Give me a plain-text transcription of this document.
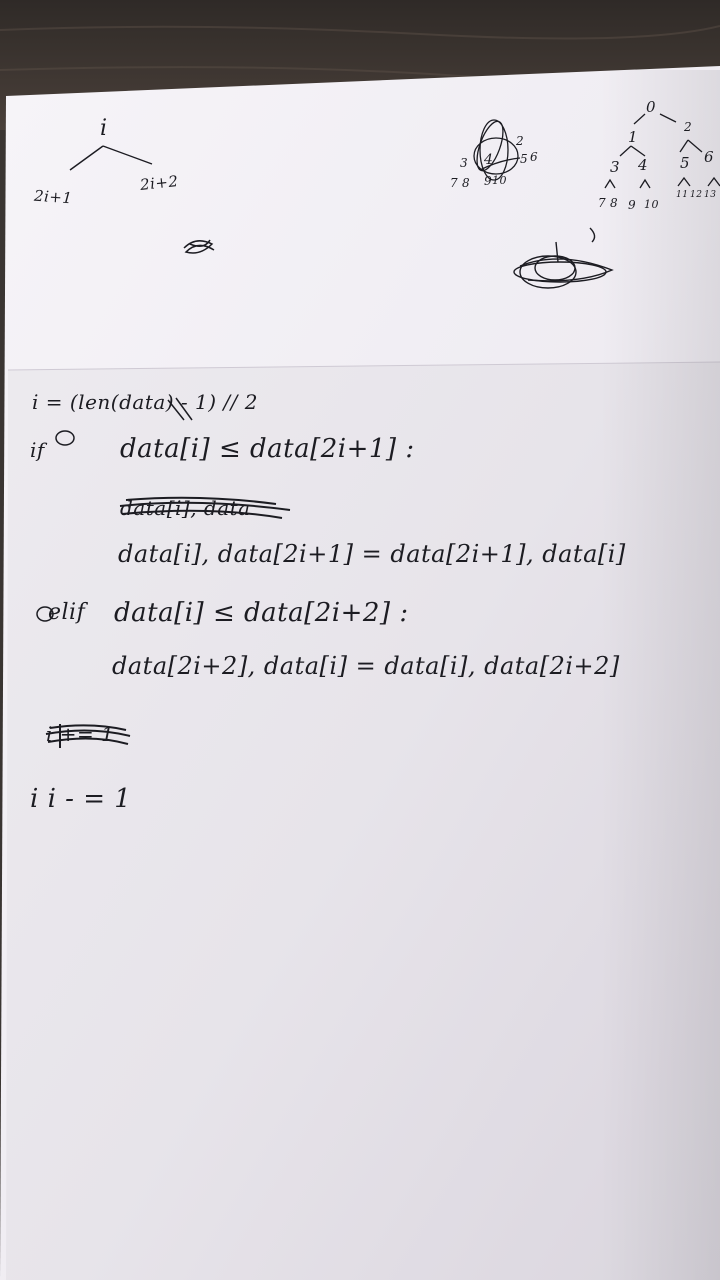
i
2i+1
2i+2
2
3 4 5 6
7 8 9 10
0
1
2
3 4 5 6
7 8 9 10
11 12 13
i = (len(data) - 1) // 2
if	data[i] ≤ data[2i+1] :
data[i], data
data[i], data[2i+1] = data[2i+1], data[i]
elif data[i] ≤ data[2i+2] :
data[2i+2], data[i] = data[i], data[2i+2]
i += 1
i i - = 1
